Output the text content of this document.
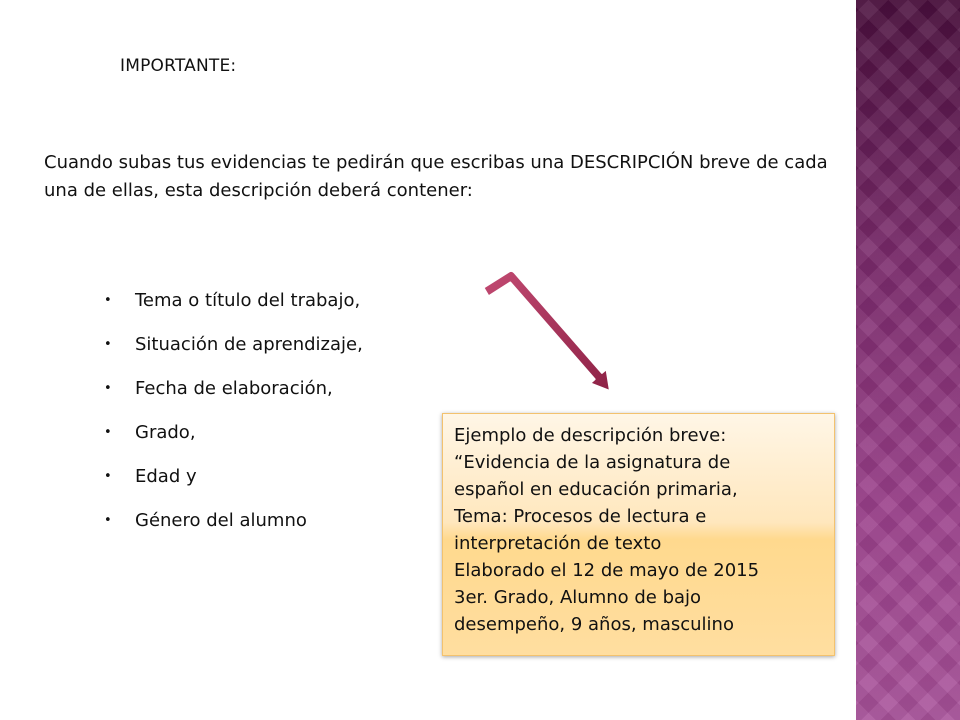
IMPORTANTE:
Cuando subas tus evidencias te pedirán que escribas una DESCRIPCIÓN breve de cada una de ellas, esta descripción deberá contener:
•	Tema o título del trabajo,
•	Situación de aprendizaje,
•	Fecha de elaboración,
•	Grado,
•	Edad y
•	Género del alumno
Ejemplo de descripción breve:
“Evidencia de la asignatura de
español en educación primaria,
Tema: Procesos de lectura e
interpretación de texto
Elaborado el 12 de mayo de 2015
3er. Grado, Alumno de bajo
desempeño, 9 años, masculino
